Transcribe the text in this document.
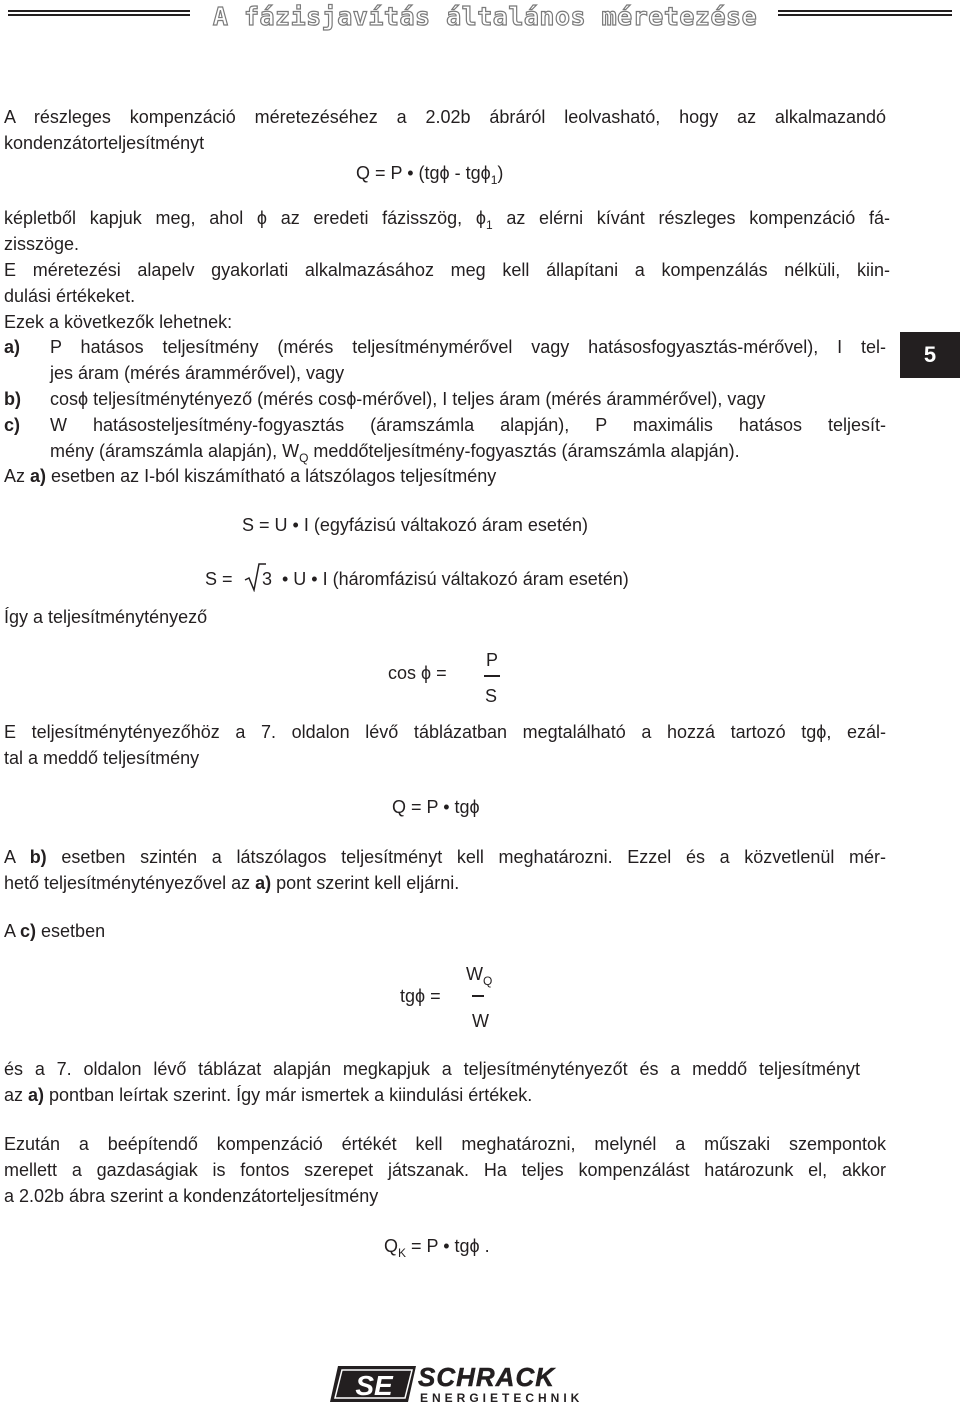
A fázisjavítás általános méretezése
A részleges kompenzáció méretezéséhez a 2.02b ábráról leolvasható, hogy az alkalmazandó
kondenzátorteljesítményt
Q = P • (tgϕ - tgϕ$_1$)
képletből kapjuk meg, ahol ϕ az eredeti fázisszög, $\phi_1$ az elérni kívánt részleges kompenzáció fá-
zisszöge.
E méretezési alapelv gyakorlati alkalmazásához meg kell állapítani a kompenzálás nélküli, kiin-
dulási értékeket.
Ezek a következők lehetnek:
a) P hatásos teljesítmény (mérés teljesítménymérővel vagy hatásosfogyasztás-mérővel), I tel-
jes áram (mérés árammérővel), vagy
b) cosϕ teljesítménytényező (mérés cosϕ-mérővel), I teljes áram (mérés árammérővel), vagy
c) W hatásosteljesítmény-fogyasztás (áramszámla alapján), P maximális hatásos teljesít-
mény (áramszámla alapján), $W_Q$ meddőteljesítmény-fogyasztás (áramszámla alapján).
5
Az a) esetben az I-ból kiszámítható a látszólagos teljesítmény
S = U • I (egyfázisú váltakozó áram esetén)
S = 3 • U • I (háromfázisú váltakozó áram esetén)
Így a teljesítménytényező
P
cos ϕ =
S
E teljesítménytényezőhöz a 7. oldalon lévő táblázatban megtalálható a hozzá tartozó tgϕ, ezál-
tal a meddő teljesítmény
Q = P • tgϕ
A b) esetben szintén a látszólagos teljesítményt kell meghatározni. Ezzel és a közvetlenül mér-
hető teljesítménytényezővel az a) pont szerint kell eljárni.
A c) esetben
$W_Q$
tgϕ =
W
és a 7. oldalon lévő táblázat alapján megkapjuk a teljesítménytényezőt és a meddő teljesítményt
az a) pontban leírtak szerint. Így már ismertek a kiindulási értékek.
Ezután a beépítendő kompenzáció értékét kell meghatározni, melynél a műszaki szempontok
mellett a gazdaságiak is fontos szerepet játszanak. Ha teljes kompenzálást határozunk el, akkor
a 2.02b ábra szerint a kondenzátorteljesítmény
$Q_K = P$ • tgϕ .
SE SCHRACK
ENERGIETECHNIK
